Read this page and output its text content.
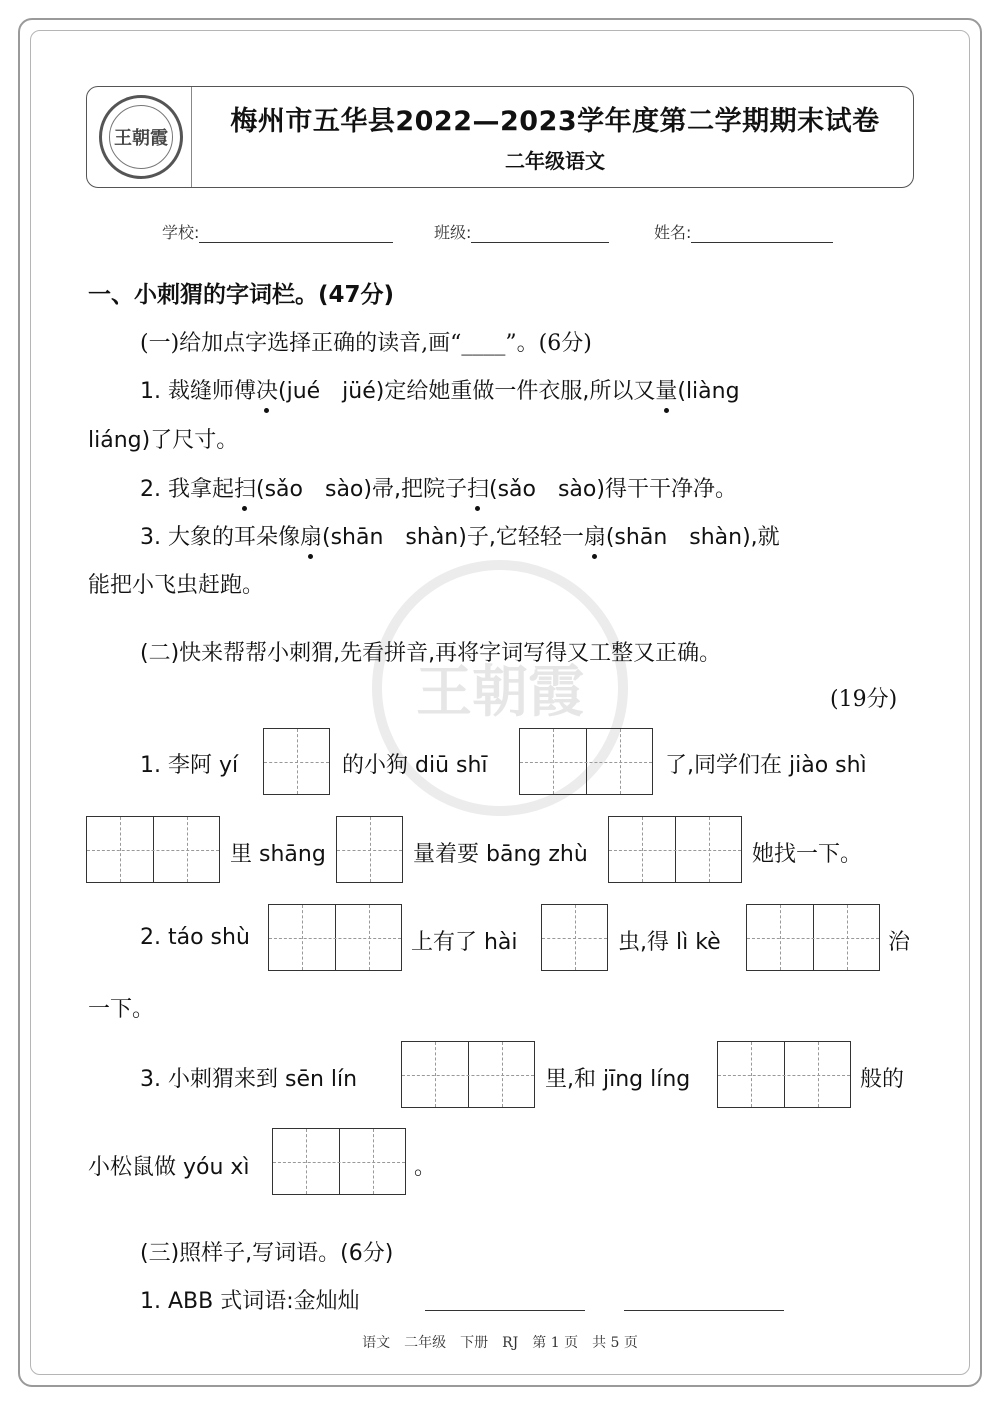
王朝霞
梅州市五华县2022—2023学年度第二学期期末试卷
二年级语文
学校:	班级:	姓名:
王朝霞
一、小刺猬的字词栏。(47分)
(一)给加点字选择正确的读音,画“____”。(6分)
1. 裁缝师傅决(jué　jüé)定给她重做一件衣服,所以又量(liàng
liáng)了尺寸。
2. 我拿起扫(sǎo　sào)帚,把院子扫(sǎo　sào)得干干净净。
3. 大象的耳朵像扇(shān　shàn)子,它轻轻一扇(shān　shàn),就
能把小飞虫赶跑。
(二)快来帮帮小刺猬,先看拼音,再将字词写得又工整又正确。
(19分)
1. 李阿 yí	的小狗 diū shī	了,同学们在 jiào shì
里 shāng	量着要 bāng zhù	她找一下。
2. táo shù	上有了 hài	虫,得 lì kè	治
一下。
3. 小刺猬来到 sēn lín	里,和 jīng líng	般的
小松鼠做 yóu xì	。
(三)照样子,写词语。(6分)
1. ABB 式词语:金灿灿
语文　二年级　下册　RJ　第 1 页　共 5 页
